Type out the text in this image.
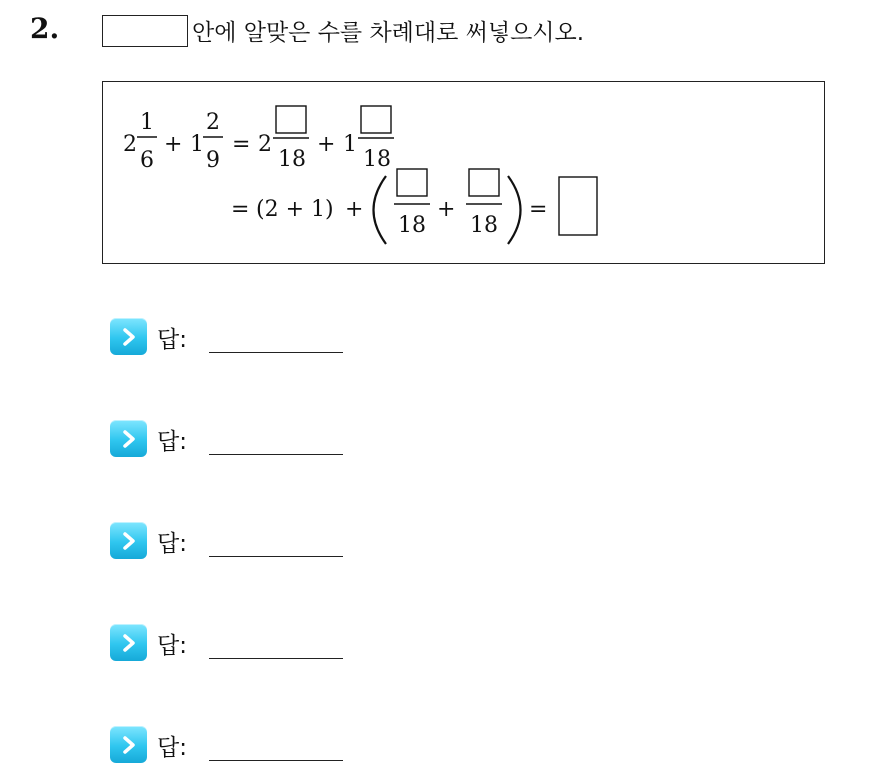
2.	안에 알맞은 수를 차례대로 써넣으시오.
2
1
6
+ 1
2
9
= 2
18
+ 1
18
= (2 + 1) +
18
+
18
=
답:
답:
답:
답:
답:
